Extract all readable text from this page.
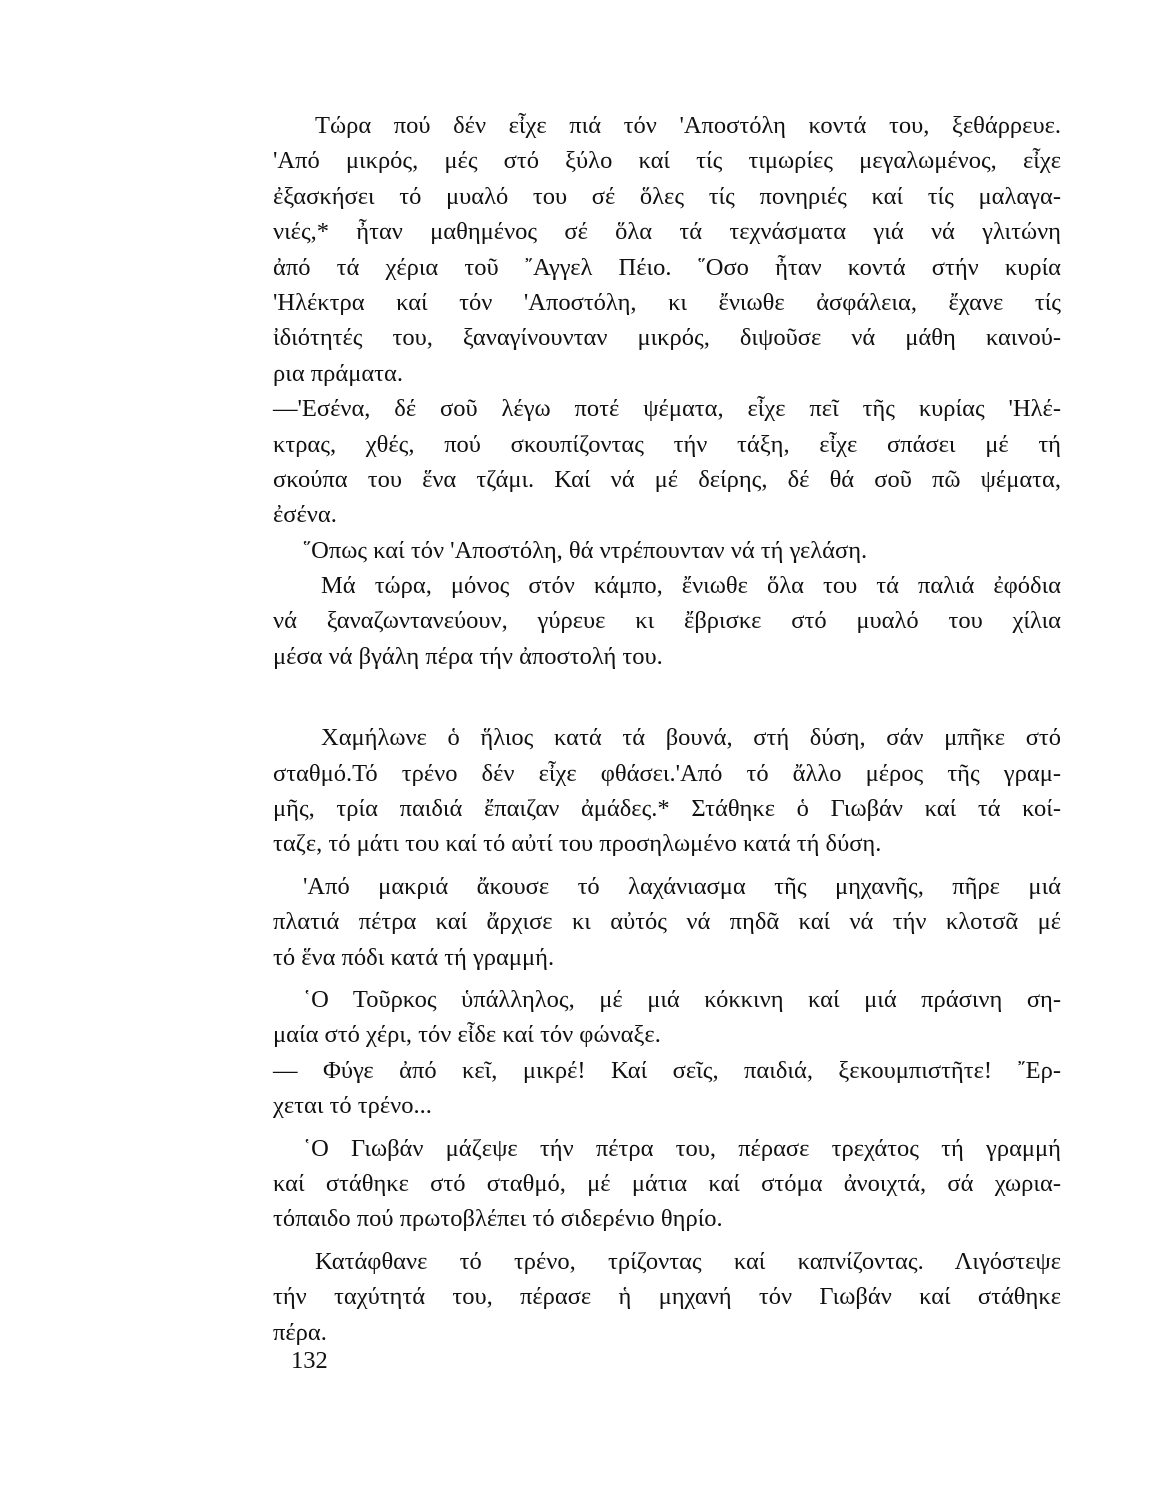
Τώρα πού δέν εἶχε πιά τόν 'Αποστόλη κοντά του, ξεθάρρευε.
'Από μικρός, μές στό ξύλο καί τίς τιμωρίες μεγαλωμένος, εἶχε
ἐξασκήσει τό μυαλό του σέ ὅλες τίς πονηριές καί τίς μαλαγα-
νιές,* ἦταν μαθημένος σέ ὅλα τά τεχνάσματα γιά νά γλιτώνη
ἀπό τά χέρια τοῦ ῎Αγγελ Πέιο. ῞Οσο ἦταν κοντά στήν κυρία
'Ηλέκτρα καί τόν 'Αποστόλη, κι ἔνιωθε ἀσφάλεια, ἔχανε τίς
ἰδιότητές του, ξαναγίνουνταν μικρός, διψοῦσε νά μάθη καινού-
ρια πράματα.
—'Εσένα, δέ σοῦ λέγω ποτέ ψέματα, εἶχε πεῖ τῆς κυρίας 'Ηλέ-
κτρας, χθές, πού σκουπίζοντας τήν τάξη, εἶχε σπάσει μέ τή
σκούπα του ἕνα τζάμι. Καί νά μέ δείρης, δέ θά σοῦ πῶ ψέματα,
ἐσένα.
῞Οπως καί τόν 'Αποστόλη, θά ντρέπουνταν νά τή γελάση.
Μά τώρα, μόνος στόν κάμπο, ἔνιωθε ὅλα του τά παλιά ἐφόδια
νά ξαναζωντανεύουν, γύρευε κι ἔβρισκε στό μυαλό του χίλια
μέσα νά βγάλη πέρα τήν ἀποστολή του.
Χαμήλωνε ὁ ἥλιος κατά τά βουνά, στή δύση, σάν μπῆκε στό
σταθμό.Τό τρένο δέν εἶχε φθάσει.'Από τό ἄλλο μέρος τῆς γραμ-
μῆς, τρία παιδιά ἔπαιζαν ἀμάδες.* Στάθηκε ὁ Γιωβάν καί τά κοί-
ταζε, τό μάτι του καί τό αὐτί του προσηλωμένο κατά τή δύση.
'Από μακριά ἄκουσε τό λαχάνιασμα τῆς μηχανῆς, πῆρε μιά
πλατιά πέτρα καί ἄρχισε κι αὐτός νά πηδᾶ καί νά τήν κλοτσᾶ μέ
τό ἕνα πόδι κατά τή γραμμή.
῾Ο Τοῦρκος ὑπάλληλος, μέ μιά κόκκινη καί μιά πράσινη ση-
μαία στό χέρι, τόν εἶδε καί τόν φώναξε.
— Φύγε ἀπό κεῖ, μικρέ! Καί σεῖς, παιδιά, ξεκουμπιστῆτε! ῎Ερ-
χεται τό τρένο...
῾Ο Γιωβάν μάζεψε τήν πέτρα του, πέρασε τρεχάτος τή γραμμή
καί στάθηκε στό σταθμό, μέ μάτια καί στόμα ἀνοιχτά, σά χωρια-
τόπαιδο πού πρωτοβλέπει τό σιδερένιο θηρίο.
Κατάφθανε τό τρένο, τρίζοντας καί καπνίζοντας. Λιγόστεψε
τήν ταχύτητά του, πέρασε ἡ μηχανή τόν Γιωβάν καί στάθηκε
πέρα.
132
